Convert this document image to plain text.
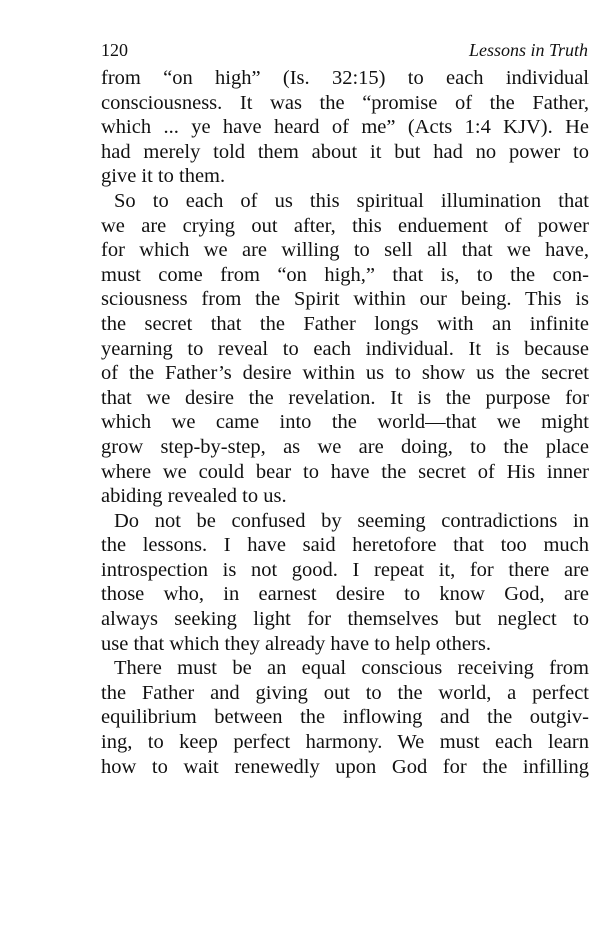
120	Lessons in Truth
from “on high” (Is. 32:15) to each individual
consciousness. It was the “promise of the Father,
which ... ye have heard of me” (Acts 1:4 KJV). He
had merely told them about it but had no power to
give it to them.
So to each of us this spiritual illumination that
we are crying out after, this enduement of power
for which we are willing to sell all that we have,
must come from “on high,” that is, to the con-
sciousness from the Spirit within our being. This is
the secret that the Father longs with an infinite
yearning to reveal to each individual. It is because
of the Father’s desire within us to show us the secret
that we desire the revelation. It is the purpose for
which we came into the world—that we might
grow step-by-step, as we are doing, to the place
where we could bear to have the secret of His inner
abiding revealed to us.
Do not be confused by seeming contradictions in
the lessons. I have said heretofore that too much
introspection is not good. I repeat it, for there are
those who, in earnest desire to know God, are
always seeking light for themselves but neglect to
use that which they already have to help others.
There must be an equal conscious receiving from
the Father and giving out to the world, a perfect
equilibrium between the inflowing and the outgiv-
ing, to keep perfect harmony. We must each learn
how to wait renewedly upon God for the infilling
